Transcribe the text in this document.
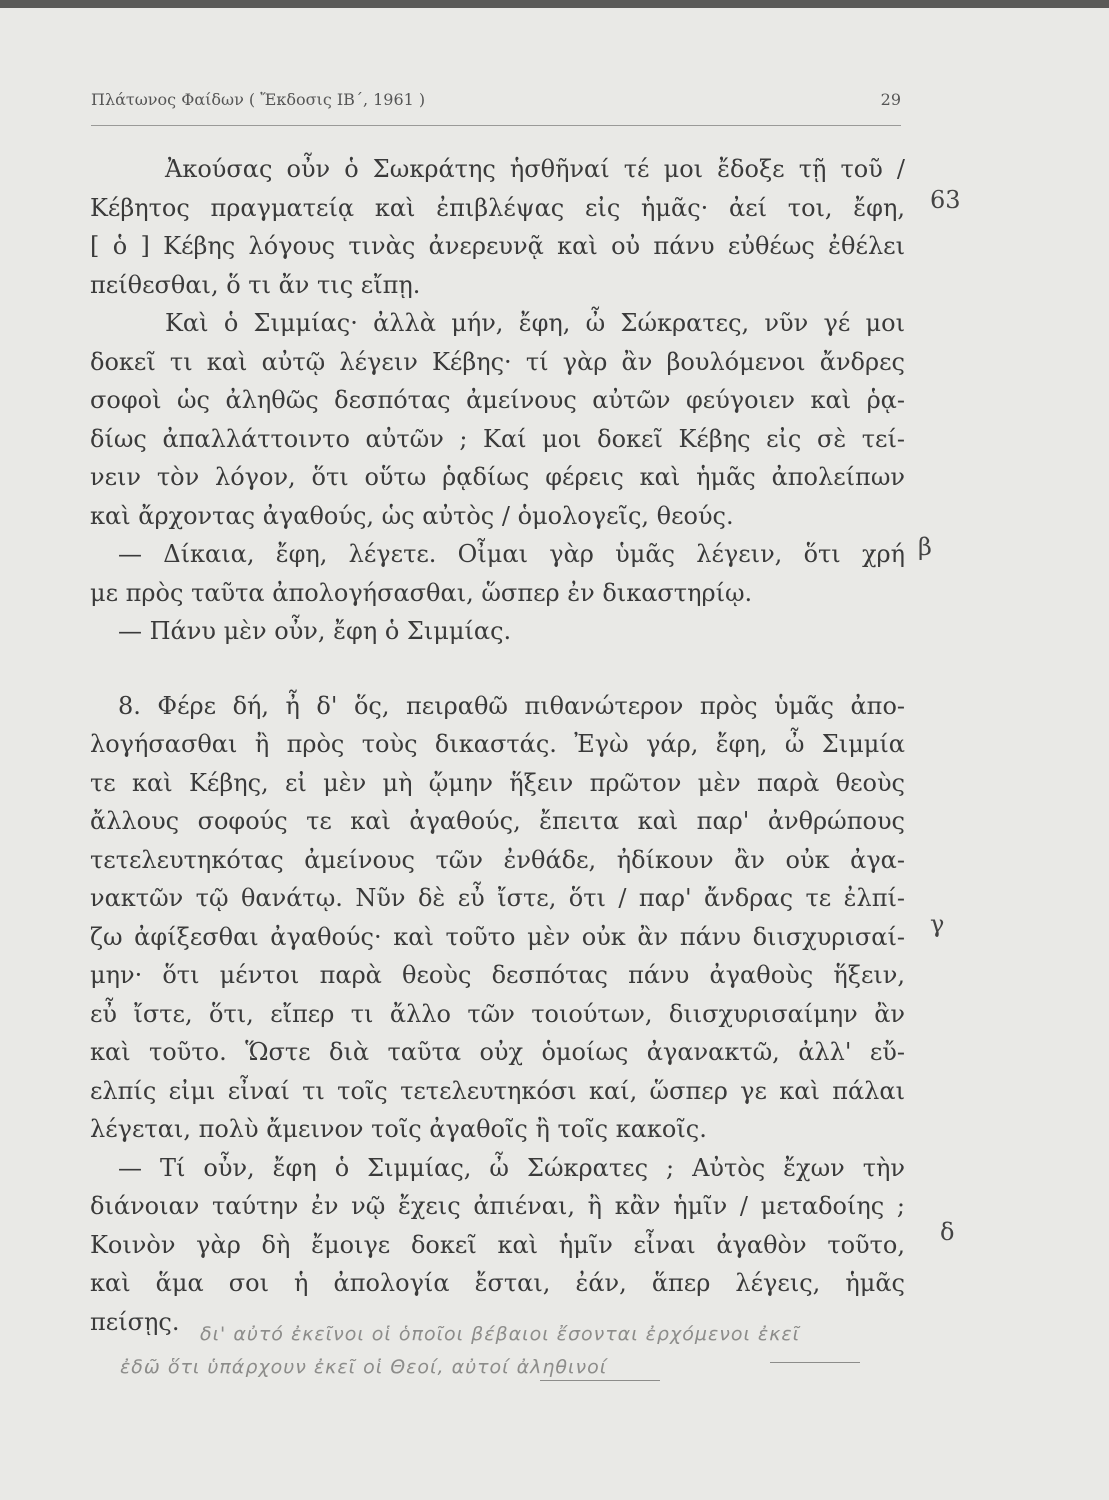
Πλάτωνος Φαίδων ( Ἔκδοσις ΙΒ΄, 1961 )	29
Ἀκούσας οὖν ὁ Σωκράτης ἡσθῆναί τέ μοι ἔδοξε τῇ τοῦ /
Κέβητος πραγματείᾳ καὶ ἐπιβλέψας εἰς ἡμᾶς· ἀεί τοι, ἔφη,
[ ὁ ] Κέβης λόγους τινὰς ἀνερευνᾷ καὶ οὐ πάνυ εὐθέως ἐθέλει
πείθεσθαι, ὅ τι ἄν τις εἴπῃ.
Καὶ ὁ Σιμμίας· ἀλλὰ μήν, ἔφη, ὦ Σώκρατες, νῦν γέ μοι
δοκεῖ τι καὶ αὐτῷ λέγειν Κέβης· τί γὰρ ἂν βουλόμενοι ἄνδρες
σοφοὶ ὡς ἀληθῶς δεσπότας ἀμείνους αὐτῶν φεύγοιεν καὶ ῥᾳ-
δίως ἀπαλλάττοιντο αὐτῶν ; Καί μοι δοκεῖ Κέβης εἰς σὲ τεί-
νειν τὸν λόγον, ὅτι οὕτω ῥᾳδίως φέρεις καὶ ἡμᾶς ἀπολείπων
καὶ ἄρχοντας ἀγαθούς, ὡς αὐτὸς / ὁμολογεῖς, θεούς.
— Δίκαια, ἔφη, λέγετε. Οἶμαι γὰρ ὑμᾶς λέγειν, ὅτι χρή
με πρὸς ταῦτα ἀπολογήσασθαι, ὥσπερ ἐν δικαστηρίῳ.
— Πάνυ μὲν οὖν, ἔφη ὁ Σιμμίας.
8. Φέρε δή, ἦ δ' ὅς, πειραθῶ πιθανώτερον πρὸς ὑμᾶς ἀπο-
λογήσασθαι ἢ πρὸς τοὺς δικαστάς. Ἐγὼ γάρ, ἔφη, ὦ Σιμμία
τε καὶ Κέβης, εἰ μὲν μὴ ᾤμην ἥξειν πρῶτον μὲν παρὰ θεοὺς
ἄλλους σοφούς τε καὶ ἀγαθούς, ἔπειτα καὶ παρ' ἀνθρώπους
τετελευτηκότας ἀμείνους τῶν ἐνθάδε, ἠδίκουν ἂν οὐκ ἀγα-
νακτῶν τῷ θανάτῳ. Νῦν δὲ εὖ ἴστε, ὅτι / παρ' ἄνδρας τε ἐλπί-
ζω ἀφίξεσθαι ἀγαθούς· καὶ τοῦτο μὲν οὐκ ἂν πάνυ διισχυρισαί-
μην· ὅτι μέντοι παρὰ θεοὺς δεσπότας πάνυ ἀγαθοὺς ἥξειν,
εὖ ἴστε, ὅτι, εἴπερ τι ἄλλο τῶν τοιούτων, διισχυρισαίμην ἂν
καὶ τοῦτο. Ὥστε διὰ ταῦτα οὐχ ὁμοίως ἀγανακτῶ, ἀλλ' εὔ-
ελπίς εἰμι εἶναί τι τοῖς τετελευτηκόσι καί, ὥσπερ γε καὶ πάλαι
λέγεται, πολὺ ἄμεινον τοῖς ἀγαθοῖς ἢ τοῖς κακοῖς.
— Τί οὖν, ἔφη ὁ Σιμμίας, ὦ Σώκρατες ; Αὐτὸς ἔχων τὴν
διάνοιαν ταύτην ἐν νῷ ἔχεις ἀπιέναι, ἢ κἂν ἡμῖν / μεταδοίης ;
Κοινὸν γὰρ δὴ ἔμοιγε δοκεῖ καὶ ἡμῖν εἶναι ἀγαθὸν τοῦτο,
καὶ ἅμα σοι ἡ ἀπολογία ἔσται, ἐάν, ἅπερ λέγεις, ἡμᾶς
πείσῃς.
63
β
γ
δ
δι' αὐτό ἐκεῖνοι οἱ ὁποῖοι βέβαιοι ἔσονται ἐρχόμενοι ἐκεῖ
ἐδῶ ὅτι ὑπάρχουν ἐκεῖ οἱ Θεοί, αὐτοί ἀληθινοί
